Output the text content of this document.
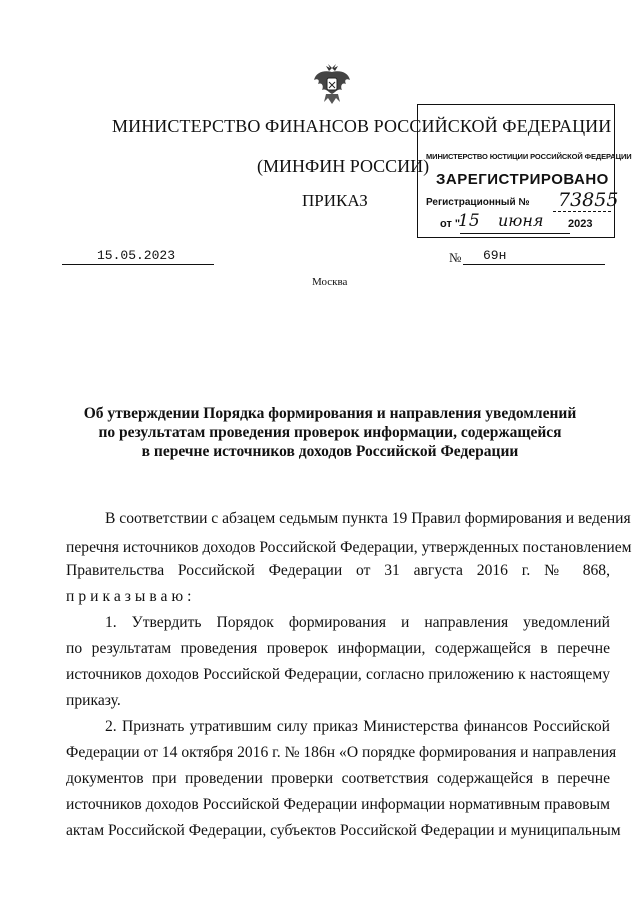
МИНИСТЕРСТВО ФИНАНСОВ РОССИЙСКОЙ ФЕДЕРАЦИИ
(МИНФИН РОССИИ)
ПРИКАЗ
МИНИСТЕРСТВО ЮСТИЦИИ РОССИЙСКОЙ ФЕДЕРАЦИИ
ЗАРЕГИСТРИРОВАНО
Регистрационный № 73855
от "
15 июня 2023
15.05.2023	№ 69н
Москва
Об утверждении Порядка формирования и направления уведомлений
по результатам проведения проверок информации, содержащейся
в перечне источников доходов Российской Федерации
В соответствии с абзацем седьмым пункта 19 Правил формирования и ведения
перечня источников доходов Российской Федерации, утвержденных постановлением
Правительства Российской Федерации от 31 августа 2016 г. № 868,
приказываю:
1. Утвердить Порядок формирования и направления уведомлений
по результатам проведения проверок информации, содержащейся в перечне
источников доходов Российской Федерации, согласно приложению к настоящему
приказу.
2. Признать утратившим силу приказ Министерства финансов Российской
Федерации от 14 октября 2016 г. № 186н «О порядке формирования и направления
документов при проведении проверки соответствия содержащейся в перечне
источников доходов Российской Федерации информации нормативным правовым
актам Российской Федерации, субъектов Российской Федерации и муниципальным
